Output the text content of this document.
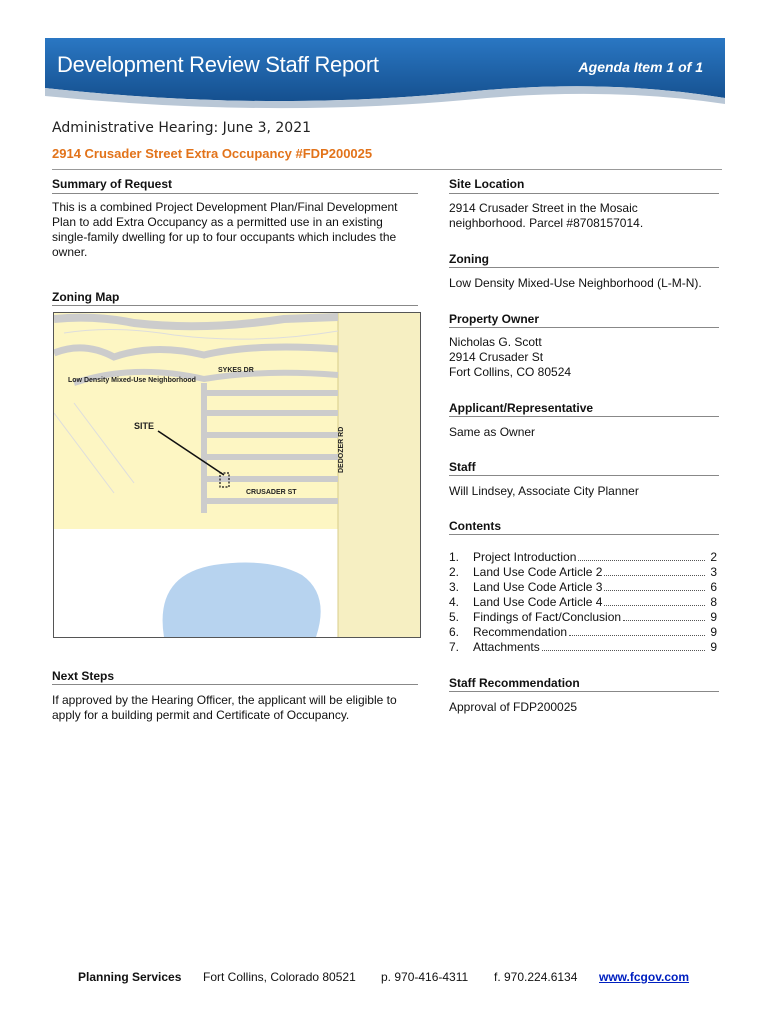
Development Review Staff Report	Agenda Item 1 of 1
Administrative Hearing: June 3, 2021
2914 Crusader Street Extra Occupancy #FDP200025
Summary of Request
This is a combined Project Development Plan/Final Development
Plan to add Extra Occupancy as a permitted use in an existing
single-family dwelling for up to four occupants which includes the
owner.
Zoning Map
SYKES DR
Low Density Mixed-Use Neighborhood
SITE
DEDOZER RD
CRUSADER ST
Next Steps
If approved by the Hearing Officer, the applicant will be eligible to
apply for a building permit and Certificate of Occupancy.
Site Location
2914 Crusader Street in the Mosaic
neighborhood. Parcel #8708157014.
Zoning
Low Density Mixed-Use Neighborhood (L-M-N).
Property Owner
Nicholas G. Scott
2914 Crusader St
Fort Collins, CO 80524
Applicant/Representative
Same as Owner
Staff
Will Lindsey, Associate City Planner
Contents
1.	Project Introduction	2
2.	Land Use Code Article 2	3
3.	Land Use Code Article 3	6
4.	Land Use Code Article 4	8
5.	Findings of Fact/Conclusion	9
6.	Recommendation	9
7.	Attachments	9
Staff Recommendation
Approval of FDP200025
Planning Services Fort Collins, Colorado 80521 p. 970-416-4311 f. 970.224.6134 www.fcgov.com
